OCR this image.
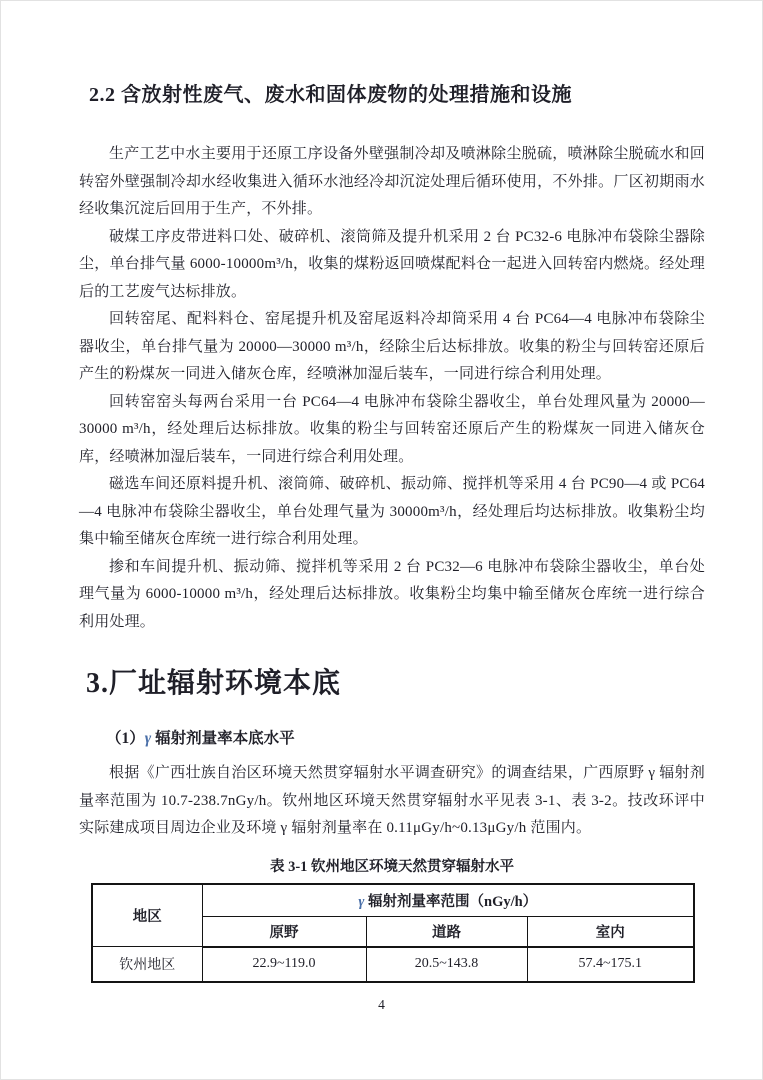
2.2 含放射性废气、废水和固体废物的处理措施和设施

生产工艺中水主要用于还原工序设备外壁强制冷却及喷淋除尘脱硫，喷淋除尘脱硫水和回转窑外壁强制冷却水经收集进入循环水池经冷却沉淀处理后循环使用，不外排。厂区初期雨水经收集沉淀后回用于生产，不外排。

破煤工序皮带进料口处、破碎机、滚筒筛及提升机采用 2 台 PC32-6 电脉冲布袋除尘器除尘，单台排气量 6000-10000m³/h，收集的煤粉返回喷煤配料仓一起进入回转窑内燃烧。经处理后的工艺废气达标排放。

回转窑尾、配料料仓、窑尾提升机及窑尾返料冷却筒采用 4 台 PC64—4 电脉冲布袋除尘器收尘，单台排气量为 20000—30000 m³/h，经除尘后达标排放。收集的粉尘与回转窑还原后产生的粉煤灰一同进入储灰仓库，经喷淋加湿后装车，一同进行综合利用处理。

回转窑窑头每两台采用一台 PC64—4 电脉冲布袋除尘器收尘，单台处理风量为 20000—30000 m³/h，经处理后达标排放。收集的粉尘与回转窑还原后产生的粉煤灰一同进入储灰仓库，经喷淋加湿后装车，一同进行综合利用处理。

磁选车间还原料提升机、滚筒筛、破碎机、振动筛、搅拌机等采用 4 台 PC90—4 或 PC64—4 电脉冲布袋除尘器收尘，单台处理气量为 30000m³/h，经处理后均达标排放。收集粉尘均集中输至储灰仓库统一进行综合利用处理。

掺和车间提升机、振动筛、搅拌机等采用 2 台 PC32—6 电脉冲布袋除尘器收尘，单台处理气量为 6000-10000 m³/h，经处理后达标排放。收集粉尘均集中输至储灰仓库统一进行综合利用处理。

3.厂址辐射环境本底
（1）γ 辐射剂量率本底水平

根据《广西壮族自治区环境天然贯穿辐射水平调查研究》的调查结果，广西原野 γ 辐射剂量率范围为 10.7-238.7nGy/h。钦州地区环境天然贯穿辐射水平见表 3-1、表 3-2。技改环评中实际建成项目周边企业及环境 γ 辐射剂量率在 0.11μGy/h~0.13μGy/h 范围内。

表 3-1 钦州地区环境天然贯穿辐射水平
地区	γ 辐射剂量率范围（nGy/h）		
	原野	道路	室内
钦州地区	22.9~119.0	20.5~143.8	57.4~175.1
4
